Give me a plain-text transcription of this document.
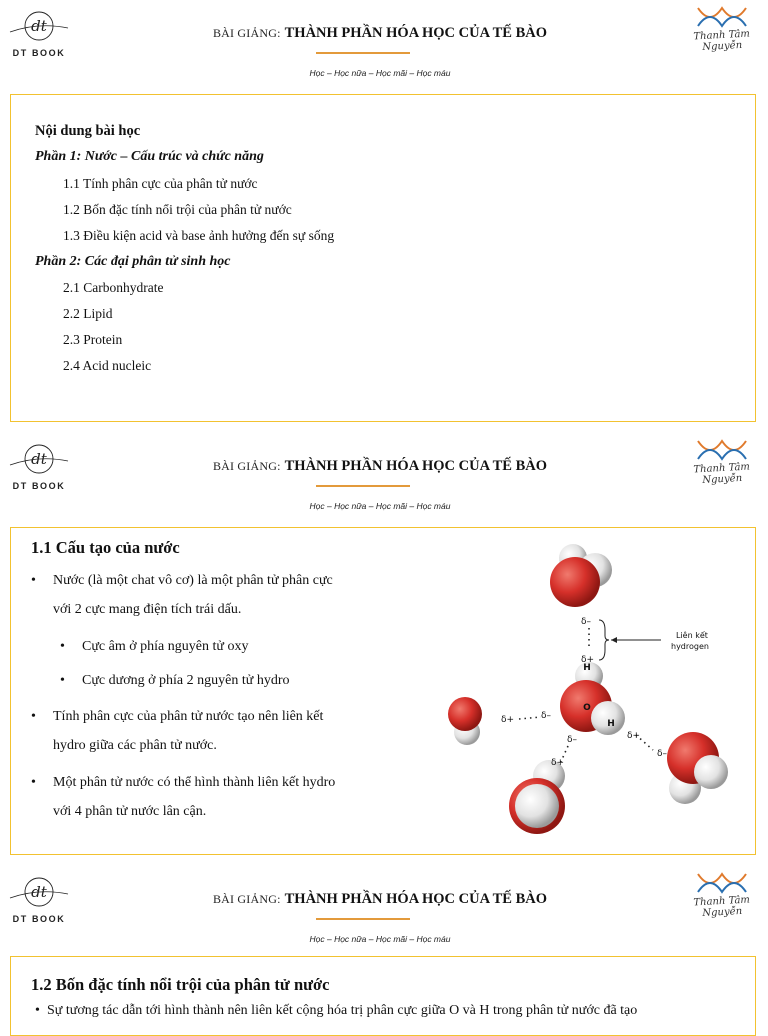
dt
DT BOOK
BÀI GIẢNG: THÀNH PHẦN HÓA HỌC CỦA TẾ BÀO
Học – Học nữa – Học mãi – Học máu
Thanh Tâm Nguyễn
Nội dung bài học
Phần 1: Nước – Cấu trúc và chức năng
1.1 Tính phân cực của phân tử nước
1.2 Bốn đặc tính nổi trội của phân tử nước
1.3 Điều kiện acid và base ảnh hưởng đến sự sống
Phần 2: Các đại phân tử sinh học
2.1 Carbonhydrate
2.2 Lipid
2.3 Protein
2.4 Acid nucleic
dt
DT BOOK
BÀI GIẢNG: THÀNH PHẦN HÓA HỌC CỦA TẾ BÀO
Học – Học nữa – Học mãi – Học máu
Thanh Tâm Nguyễn
1.1 Cấu tạo của nước
• Nước (là một chat vô cơ) là một phân tử phân cực
với 2 cực mang điện tích trái dấu.
• Cực âm ở phía nguyên tử oxy
• Cực dương ở phía 2 nguyên tử hydro
• Tính phân cực của phân tử nước tạo nên liên kết
hydro giữa các phân tử nước.
• Một phân tử nước có thể hình thành liên kết hydro
với 4 phân tử nước lân cận.
H
O
H
Liên kết
hydrogen
δ–
δ+
δ+	δ–
δ–
δ+
δ+
δ–
dt
DT BOOK
BÀI GIẢNG: THÀNH PHẦN HÓA HỌC CỦA TẾ BÀO
Học – Học nữa – Học mãi – Học máu
Thanh Tâm Nguyễn
1.2 Bốn đặc tính nổi trội của phân tử nước
• Sự tương tác dẫn tới hình thành nên liên kết cộng hóa trị phân cực giữa O và H trong phân tử nước đã tạo
